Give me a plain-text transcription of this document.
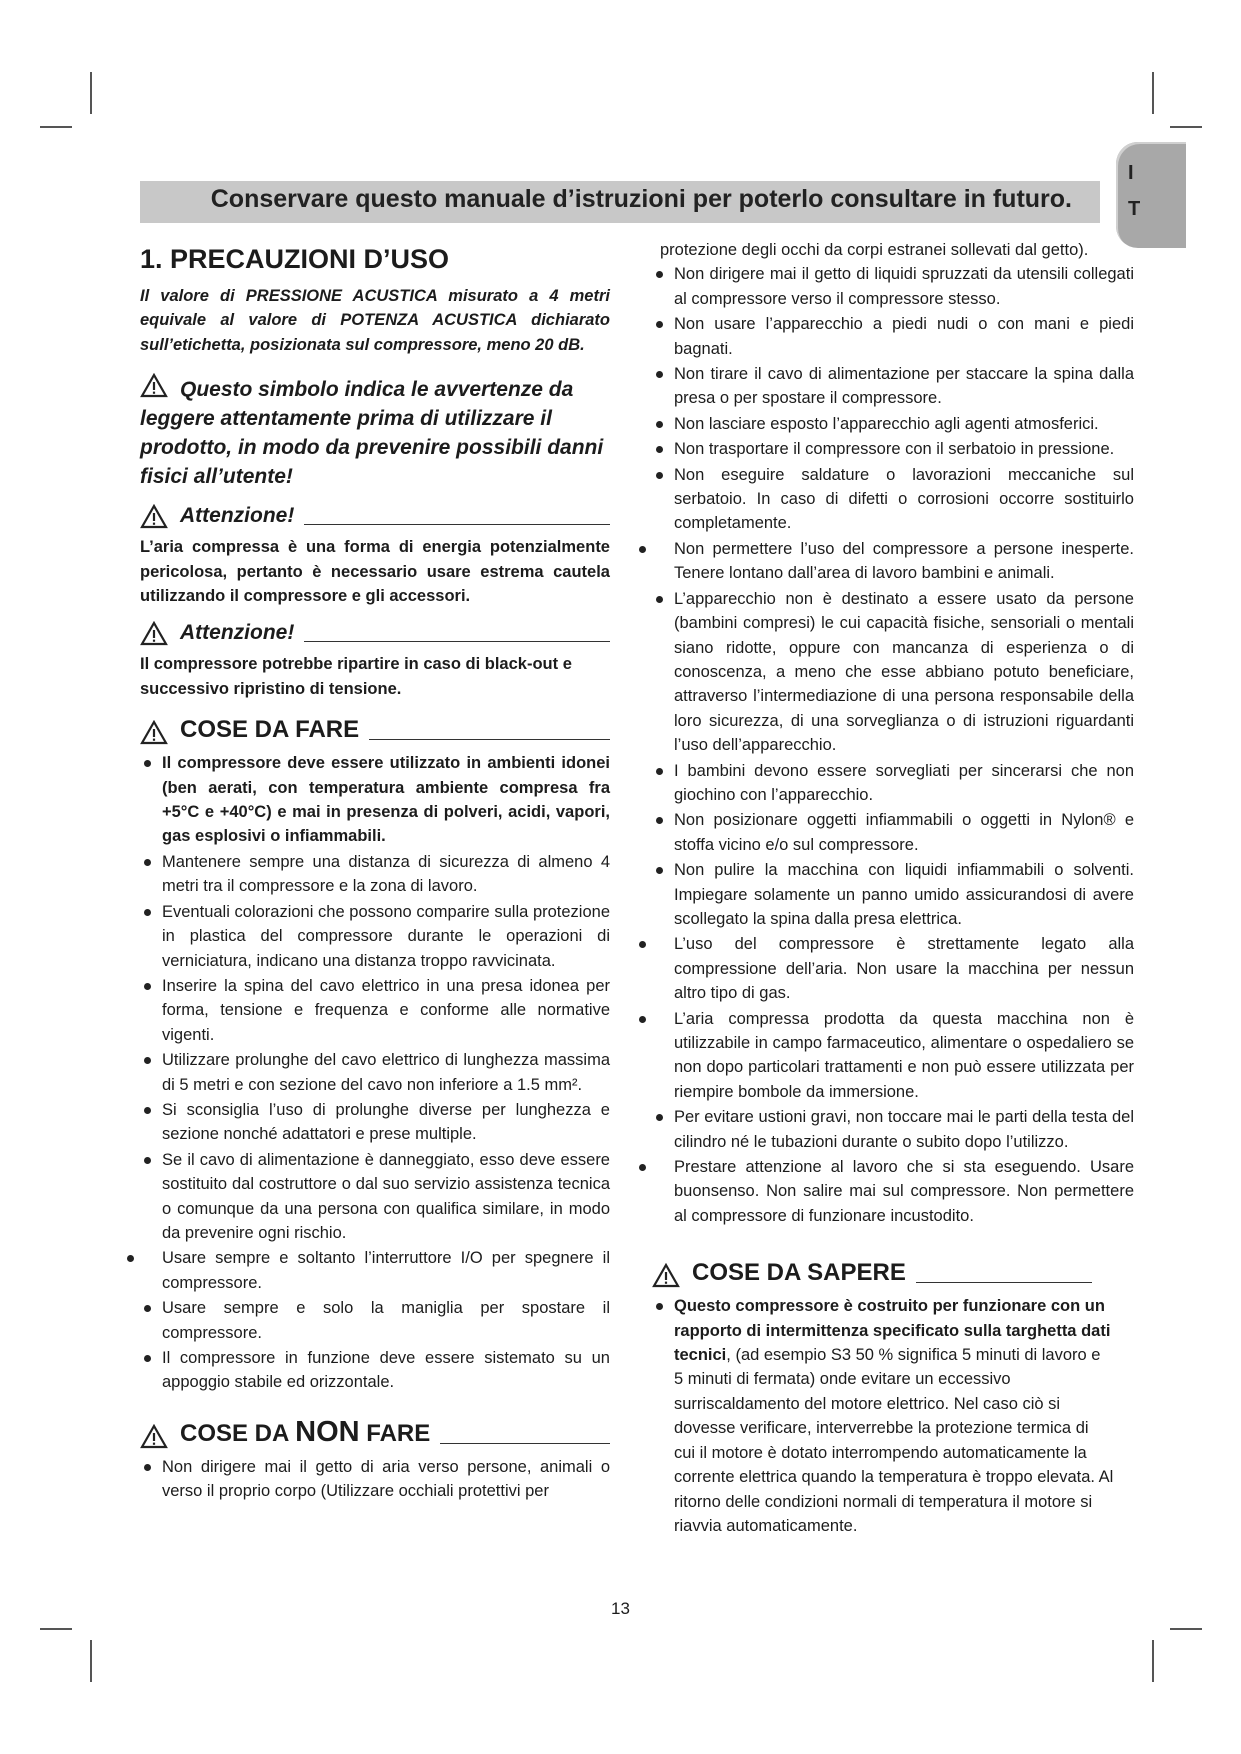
I
T
Conservare questo manuale d’istruzioni per poterlo consultare in futuro.
1. PRECAUZIONI D’USO

Il valore di PRESSIONE ACUSTICA misurato a 4 metri equivale al valore di POTENZA ACUSTICA dichiarato sull’etichetta, posizionata sul compressore, meno 20 dB.

Questo simbolo indica le avvertenze da leggere attentamente prima di utilizzare il prodotto, in modo da prevenire possibili danni fisici all’utente!
Attenzione!

L’aria compressa è una forma di energia potenzialmente pericolosa, pertanto è necessario usare estrema cautela utilizzando il compressore e gli accessori.

Attenzione!

Il compressore potrebbe ripartire in caso di black-out e successivo ripristino di tensione.

COSE DA FARE
Il compressore deve essere utilizzato in ambienti idonei (ben aerati, con temperatura ambiente compresa fra +5°C e +40°C) e mai in presenza di polveri, acidi, vapori, gas esplosivi o infiammabili.
Mantenere sempre una distanza di sicurezza di almeno 4 metri tra il compressore e la zona di lavoro.
Eventuali colorazioni che possono comparire sulla protezione in plastica del compressore durante le operazioni di verniciatura, indicano una distanza troppo ravvicinata.
Inserire la spina del cavo elettrico in una presa idonea per forma, tensione e frequenza e conforme alle normative vigenti.
Utilizzare prolunghe del cavo elettrico di lunghezza massima di 5 metri e con sezione del cavo non inferiore a 1.5 mm².
Si sconsiglia l’uso di prolunghe diverse per lunghezza e sezione nonché adattatori e prese multiple.
Se il cavo di alimentazione è danneggiato, esso deve essere sostituito dal costruttore o dal suo servizio assistenza tecnica o comunque da una persona con qualifica similare, in modo da prevenire ogni rischio.
Usare sempre e soltanto l’interruttore I/O per spegnere il compressore.
Usare sempre e solo la maniglia per spostare il compressore.
Il compressore in funzione deve essere sistemato su un appoggio stabile ed orizzontale.
COSE DA NON FARE
Non dirigere mai il getto di aria verso persone, animali o verso il proprio corpo (Utilizzare occhiali protettivi per

protezione degli occhi da corpi estranei sollevati dal getto).

Non dirigere mai il getto di liquidi spruzzati da utensili collegati al compressore verso il compressore stesso.
Non usare l’apparecchio a piedi nudi o con mani e piedi bagnati.
Non tirare il cavo di alimentazione per staccare la spina dalla presa o per spostare il compressore.
Non lasciare esposto l’apparecchio agli agenti atmosferici.
Non trasportare il compressore con il serbatoio in pressione.
Non eseguire saldature o lavorazioni meccaniche sul serbatoio. In caso di difetti o corrosioni occorre sostituirlo completamente.
Non permettere l’uso del compressore a persone inesperte. Tenere lontano dall’area di lavoro bambini e animali.
L’apparecchio non è destinato a essere usato da persone (bambini compresi) le cui capacità fisiche, sensoriali o mentali siano ridotte, oppure con mancanza di esperienza o di conoscenza, a meno che esse abbiano potuto beneficiare, attraverso l’intermediazione di una persona responsabile della loro sicurezza, di una sorveglianza o di istruzioni riguardanti l’uso dell’apparecchio.
I bambini devono essere sorvegliati per sincerarsi che non giochino con l’apparecchio.
Non posizionare oggetti infiammabili o oggetti in Nylon® e stoffa vicino e/o sul compressore.
Non pulire la macchina con liquidi infiammabili o solventi. Impiegare solamente un panno umido assicurandosi di avere scollegato la spina dalla presa elettrica.
L’uso del compressore è strettamente legato alla compressione dell’aria. Non usare la macchina per nessun altro tipo di gas.
L’aria compressa prodotta da questa macchina non è utilizzabile in campo farmaceutico, alimentare o ospedaliero se non dopo particolari trattamenti e non può essere utilizzata per riempire bombole da immersione.
Per evitare ustioni gravi, non toccare mai le parti della testa del cilindro né le tubazioni durante o subito dopo l’utilizzo.
Prestare attenzione al lavoro che si sta eseguendo. Usare buonsenso. Non salire mai sul compressore. Non permettere al compressore di funzionare incustodito.
COSE DA SAPERE
Questo compressore è costruito per funzionare con un rapporto di intermittenza specificato sulla targhetta dati tecnici, (ad esempio S3 50 % significa 5 minuti di lavoro e 5 minuti di fermata) onde evitare un eccessivo surriscaldamento del motore elettrico. Nel caso ciò si dovesse verificare, interverrebbe la protezione termica di cui il motore è dotato interrompendo automaticamente la corrente elettrica quando la temperatura è troppo elevata. Al ritorno delle condizioni normali di temperatura il motore si riavvia automaticamente.
13
